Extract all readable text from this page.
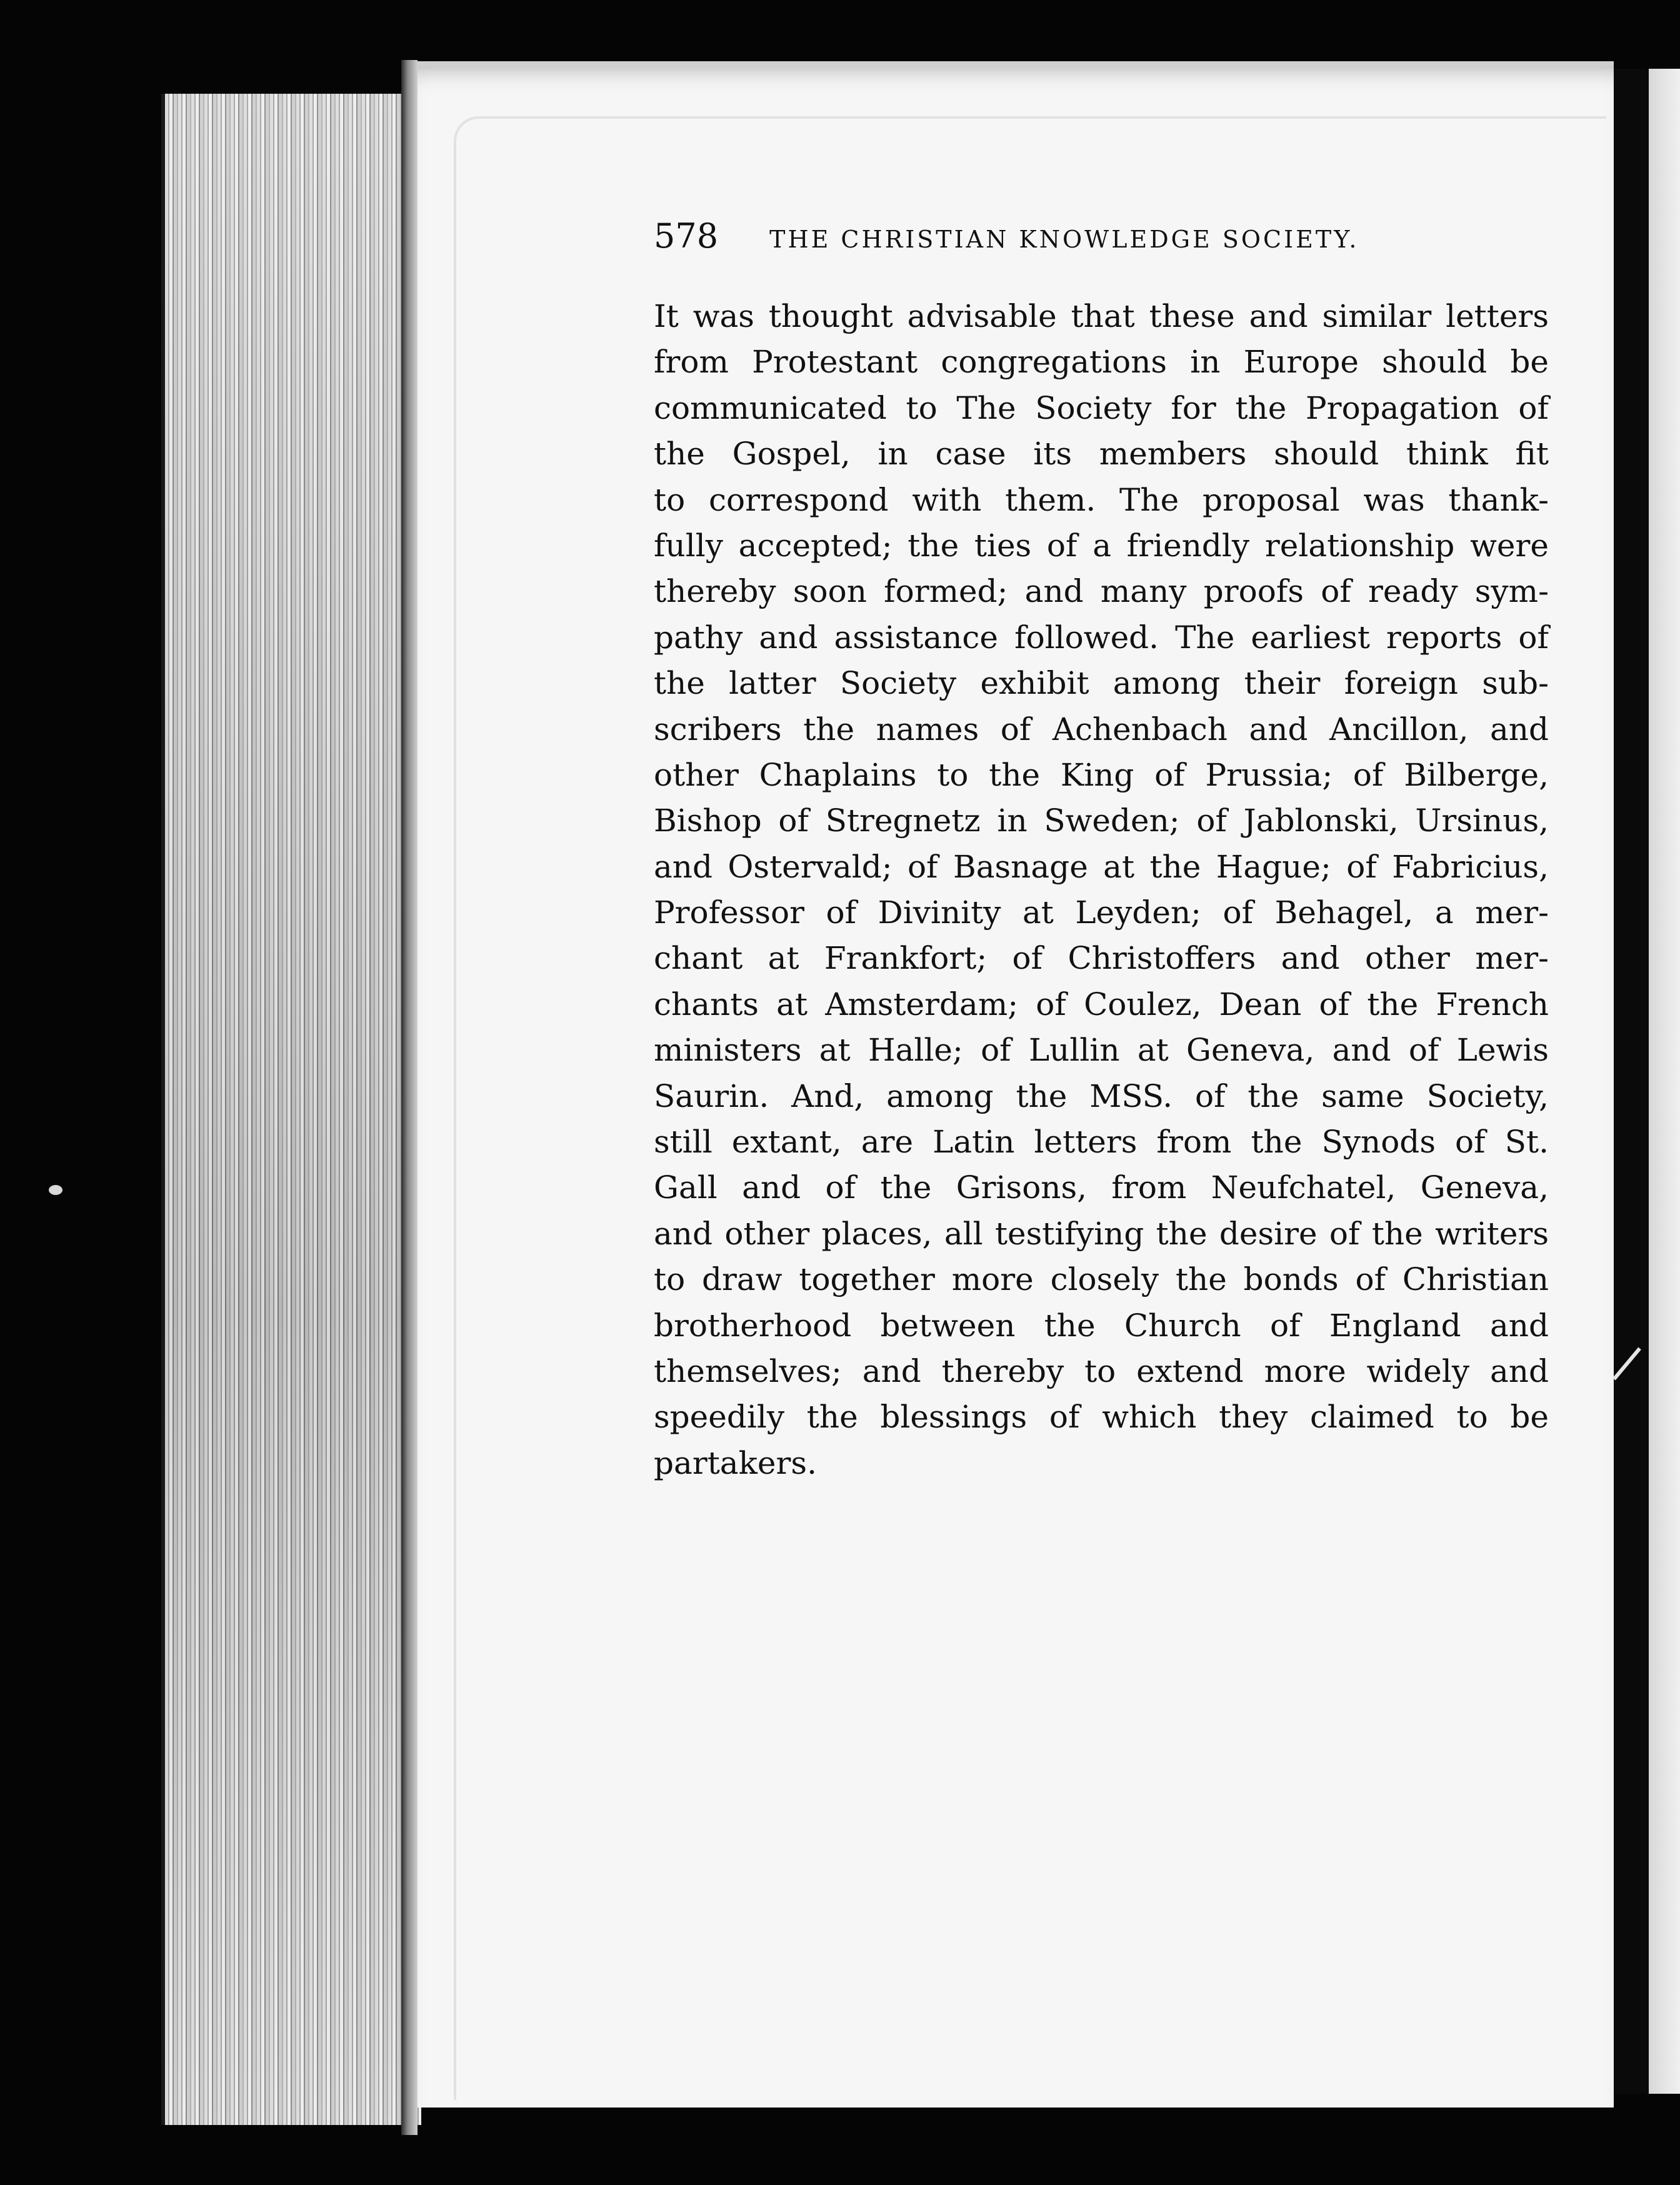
578 THE CHRISTIAN KNOWLEDGE SOCIETY.
It was thought advisable that these and similar letters
from Protestant congregations in Europe should be
communicated to The Society for the Propagation of
the Gospel, in case its members should think fit
to correspond with them. The proposal was thank-
fully accepted; the ties of a friendly relationship were
thereby soon formed; and many proofs of ready sym-
pathy and assistance followed. The earliest reports of
the latter Society exhibit among their foreign sub-
scribers the names of Achenbach and Ancillon, and
other Chaplains to the King of Prussia; of Bilberge,
Bishop of Stregnetz in Sweden; of Jablonski, Ursinus,
and Ostervald; of Basnage at the Hague; of Fabricius,
Professor of Divinity at Leyden; of Behagel, a mer-
chant at Frankfort; of Christoffers and other mer-
chants at Amsterdam; of Coulez, Dean of the French
ministers at Halle; of Lullin at Geneva, and of Lewis
Saurin. And, among the MSS. of the same Society,
still extant, are Latin letters from the Synods of St.
Gall and of the Grisons, from Neufchatel, Geneva,
and other places, all testifying the desire of the writers
to draw together more closely the bonds of Christian
brotherhood between the Church of England and
themselves; and thereby to extend more widely and
speedily the blessings of which they claimed to be
partakers.
